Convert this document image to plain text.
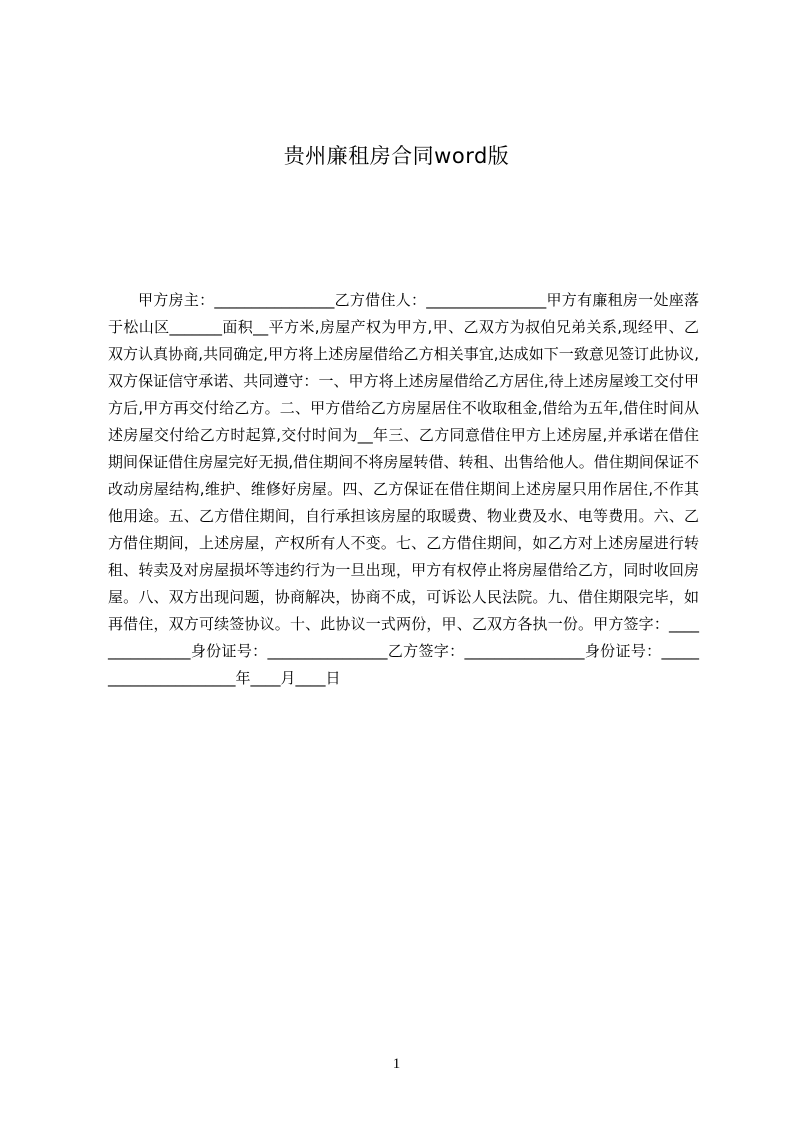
贵州廉租房合同word版

甲方房主：________________乙方借住人：________________甲方有廉租房一处座落于松山区_______面积__平方米,房屋产权为甲方,甲、乙双方为叔伯兄弟关系,现经甲、乙双方认真协商,共同确定,甲方将上述房屋借给乙方相关事宜,达成如下一致意见签订此协议,双方保证信守承诺、共同遵守：一、甲方将上述房屋借给乙方居住,待上述房屋竣工交付甲方后,甲方再交付给乙方。二、甲方借给乙方房屋居住不收取租金,借给为五年,借住时间从述房屋交付给乙方时起算,交付时间为__年三、乙方同意借住甲方上述房屋,并承诺在借住期间保证借住房屋完好无损,借住期间不将房屋转借、转租、出售给他人。借住期间保证不改动房屋结构,维护、维修好房屋。四、乙方保证在借住期间上述房屋只用作居住,不作其他用途。五、乙方借住期间，自行承担该房屋的取暖费、物业费及水、电等费用。六、乙方借住期间，上述房屋，产权所有人不变。七、乙方借住期间，如乙方对上述房屋进行转租、转卖及对房屋损坏等违约行为一旦出现，甲方有权停止将房屋借给乙方，同时收回房屋。八、双方出现问题，协商解决，协商不成，可诉讼人民法院。九、借住期限完毕，如再借住，双方可续签协议。十、此协议一式两份，甲、乙双方各执一份。甲方签字：_______________身份证号：________________乙方签字：________________身份证号：______________________年____月____日

1
